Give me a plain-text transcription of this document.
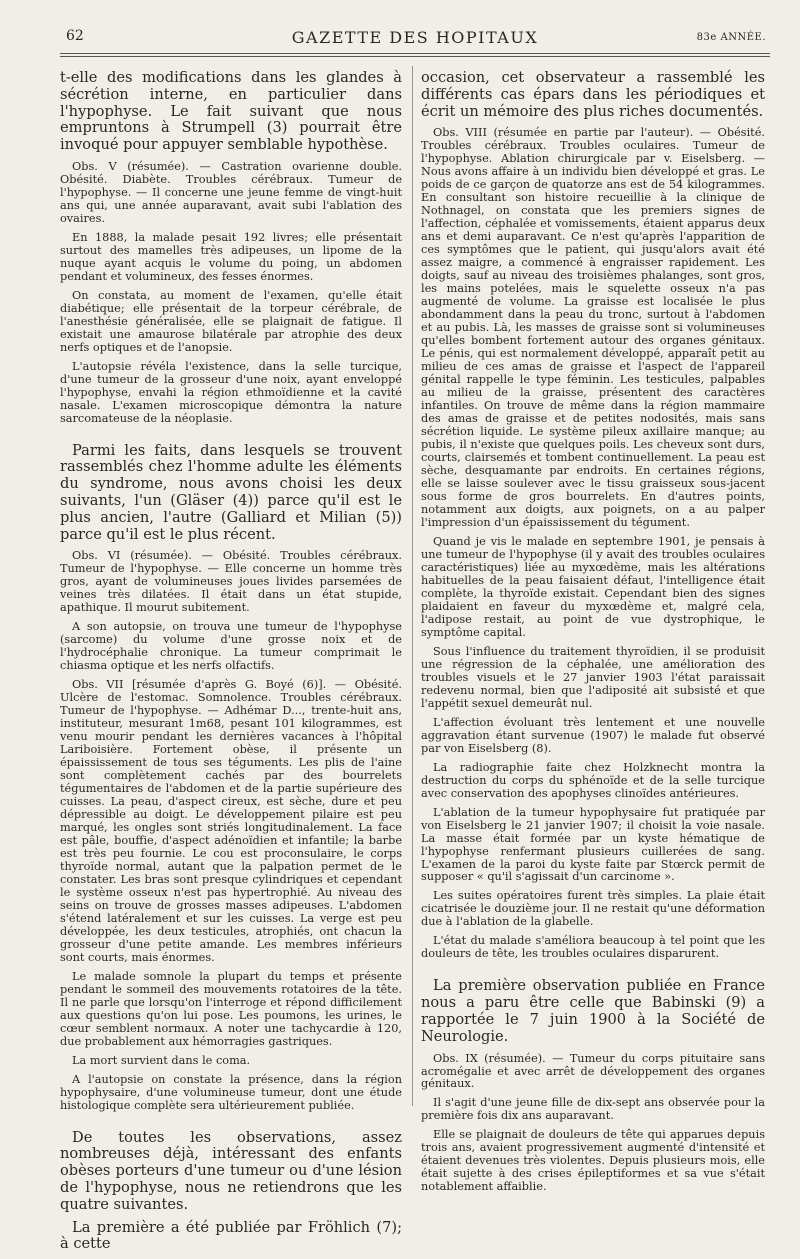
62	GAZETTE DES HOPITAUX	83e ANNÉE.

t-elle des modifications dans les glandes à sécrétion interne, en particulier dans l'hypophyse. Le fait suivant que nous empruntons à Strumpell (3) pourrait être invoqué pour appuyer semblable hypothèse.

Obs. V (résumée). — Castration ovarienne double. Obésité. Diabète. Troubles cérébraux. Tumeur de l'hypophyse. — Il concerne une jeune femme de vingt-huit ans qui, une année auparavant, avait subi l'ablation des ovaires.

En 1888, la malade pesait 192 livres; elle présentait surtout des mamelles très adipeuses, un lipome de la nuque ayant acquis le volume du poing, un abdomen pendant et volumineux, des fesses énormes.

On constata, au moment de l'examen, qu'elle était diabétique; elle présentait de la torpeur cérébrale, de l'anesthésie généralisée, elle se plaignait de fatigue. Il existait une amaurose bilatérale par atrophie des deux nerfs optiques et de l'anopsie.

L'autopsie révéla l'existence, dans la selle turcique, d'une tumeur de la grosseur d'une noix, ayant enveloppé l'hypophyse, envahi la région ethmoïdienne et la cavité nasale. L'examen microscopique démontra la nature sarcomateuse de la néoplasie.

Parmi les faits, dans lesquels se trouvent rassemblés chez l'homme adulte les éléments du syndrome, nous avons choisi les deux suivants, l'un (Gläser (4)) parce qu'il est le plus ancien, l'autre (Galliard et Milian (5)) parce qu'il est le plus récent.

Obs. VI (résumée). — Obésité. Troubles cérébraux. Tumeur de l'hypophyse. — Elle concerne un homme très gros, ayant de volumineuses joues livides parsemées de veines très dilatées. Il était dans un état stupide, apathique. Il mourut subitement.

A son autopsie, on trouva une tumeur de l'hypophyse (sarcome) du volume d'une grosse noix et de l'hydrocéphalie chronique. La tumeur comprimait le chiasma optique et les nerfs olfactifs.

Obs. VII [résumée d'après G. Boyé (6)]. — Obésité. Ulcère de l'estomac. Somnolence. Troubles cérébraux. Tumeur de l'hypophyse. — Adhémar D..., trente-huit ans, instituteur, mesurant 1m68, pesant 101 kilogrammes, est venu mourir pendant les dernières vacances à l'hôpital Lariboisière. Fortement obèse, il présente un épaississement de tous ses téguments. Les plis de l'aine sont complètement cachés par des bourrelets tégumentaires de l'abdomen et de la partie supérieure des cuisses. La peau, d'aspect cireux, est sèche, dure et peu dépressible au doigt. Le développement pilaire est peu marqué, les ongles sont striés longitudinalement. La face est pâle, bouffie, d'aspect adénoïdien et infantile; la barbe est très peu fournie. Le cou est proconsulaire, le corps thyroïde normal, autant que la palpation permet de le constater. Les bras sont presque cylindriques et cependant le système osseux n'est pas hypertrophié. Au niveau des seins on trouve de grosses masses adipeuses. L'abdomen s'étend latéralement et sur les cuisses. La verge est peu développée, les deux testicules, atrophiés, ont chacun la grosseur d'une petite amande. Les membres inférieurs sont courts, mais énormes.

Le malade somnole la plupart du temps et présente pendant le sommeil des mouvements rotatoires de la tête. Il ne parle que lorsqu'on l'interroge et répond difficilement aux questions qu'on lui pose. Les poumons, les urines, le cœur semblent normaux. A noter une tachycardie à 120, due probablement aux hémorragies gastriques.

La mort survient dans le coma.

A l'autopsie on constate la présence, dans la région hypophysaire, d'une volumineuse tumeur, dont une étude histologique complète sera ultérieurement publiée.

De toutes les observations, assez nombreuses déjà, intéressant des enfants obèses porteurs d'une tumeur ou d'une lésion de l'hypophyse, nous ne retiendrons que les quatre suivantes.

La première a été publiée par Fröhlich (7); à cette

occasion, cet observateur a rassemblé les différents cas épars dans les périodiques et écrit un mémoire des plus riches documentés.

Obs. VIII (résumée en partie par l'auteur). — Obésité. Troubles cérébraux. Troubles oculaires. Tumeur de l'hypophyse. Ablation chirurgicale par v. Eiselsberg. — Nous avons affaire à un individu bien développé et gras. Le poids de ce garçon de quatorze ans est de 54 kilogrammes. En consultant son histoire recueillie à la clinique de Nothnagel, on constata que les premiers signes de l'affection, céphalée et vomissements, étaient apparus deux ans et demi auparavant. Ce n'est qu'après l'apparition de ces symptômes que le patient, qui jusqu'alors avait été assez maigre, a commencé à engraisser rapidement. Les doigts, sauf au niveau des troisièmes phalanges, sont gros, les mains potelées, mais le squelette osseux n'a pas augmenté de volume. La graisse est localisée le plus abondamment dans la peau du tronc, surtout à l'abdomen et au pubis. Là, les masses de graisse sont si volumineuses qu'elles bombent fortement autour des organes génitaux. Le pénis, qui est normalement développé, apparaît petit au milieu de ces amas de graisse et l'aspect de l'appareil génital rappelle le type féminin. Les testicules, palpables au milieu de la graisse, présentent des caractères infantiles. On trouve de même dans la région mammaire des amas de graisse et de petites nodosités, mais sans sécrétion liquide. Le système pileux axillaire manque; au pubis, il n'existe que quelques poils. Les cheveux sont durs, courts, clairsemés et tombent continuellement. La peau est sèche, desquamante par endroits. En certaines régions, elle se laisse soulever avec le tissu graisseux sous-jacent sous forme de gros bourrelets. En d'autres points, notamment aux doigts, aux poignets, on a au palper l'impression d'un épaississement du tégument.

Quand je vis le malade en septembre 1901, je pensais à une tumeur de l'hypophyse (il y avait des troubles oculaires caractéristiques) liée au myxœdème, mais les altérations habituelles de la peau faisaient défaut, l'intelligence était complète, la thyroïde existait. Cependant bien des signes plaidaient en faveur du myxœdème et, malgré cela, l'adipose restait, au point de vue dystrophique, le symptôme capital.

Sous l'influence du traitement thyroïdien, il se produisit une régression de la céphalée, une amélioration des troubles visuels et le 27 janvier 1903 l'état paraissait redevenu normal, bien que l'adiposité ait subsisté et que l'appétit sexuel demeurât nul.

L'affection évoluant très lentement et une nouvelle aggravation étant survenue (1907) le malade fut observé par von Eiselsberg (8).

La radiographie faite chez Holzknecht montra la destruction du corps du sphénoïde et de la selle turcique avec conservation des apophyses clinoïdes antérieures.

L'ablation de la tumeur hypophysaire fut pratiquée par von Eiselsberg le 21 janvier 1907; il choisit la voie nasale. La masse était formée par un kyste hématique de l'hypophyse renfermant plusieurs cuillerées de sang. L'examen de la paroi du kyste faite par Stœrck permit de supposer « qu'il s'agissait d'un carcinome ».

Les suites opératoires furent très simples. La plaie était cicatrisée le douzième jour. Il ne restait qu'une déformation due à l'ablation de la glabelle.

L'état du malade s'améliora beaucoup à tel point que les douleurs de tête, les troubles oculaires disparurent.

La première observation publiée en France nous a paru être celle que Babinski (9) a rapportée le 7 juin 1900 à la Société de Neurologie.

Obs. IX (résumée). — Tumeur du corps pituitaire sans acromégalie et avec arrêt de développement des organes génitaux.

Il s'agit d'une jeune fille de dix-sept ans observée pour la première fois dix ans auparavant.

Elle se plaignait de douleurs de tête qui apparues depuis trois ans, avaient progressivement augmenté d'intensité et étaient devenues très violentes. Depuis plusieurs mois, elle était sujette à des crises épileptiformes et sa vue s'était notablement affaiblie.
